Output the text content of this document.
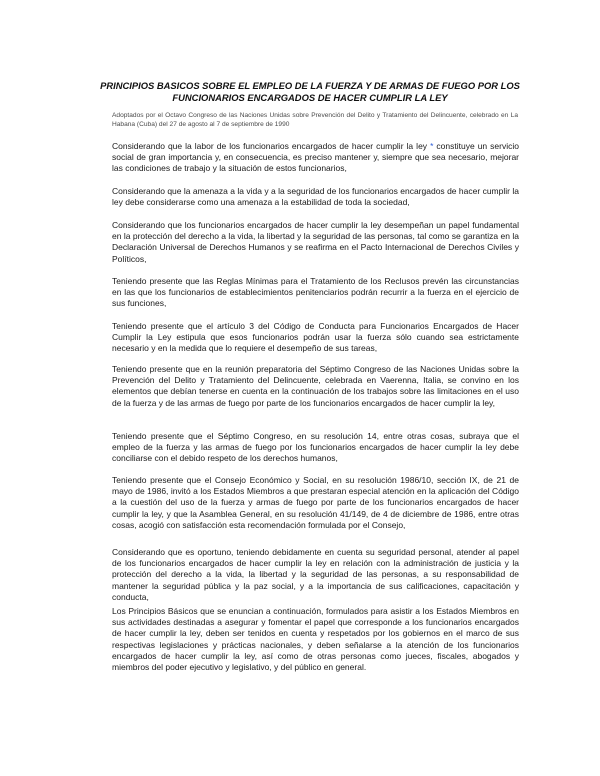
PRINCIPIOS BASICOS SOBRE EL EMPLEO DE LA FUERZA Y DE ARMAS DE FUEGO POR LOS FUNCIONARIOS ENCARGADOS DE HACER CUMPLIR LA LEY

Adoptados por el Octavo Congreso de las Naciones Unidas sobre Prevención del Delito y Tratamiento del Delincuente, celebrado en La Habana (Cuba) del 27 de agosto al 7 de septiembre de 1990

Considerando que la labor de los funcionarios encargados de hacer cumplir la ley * constituye un servicio social de gran importancia y, en consecuencia, es preciso mantener y, siempre que sea necesario, mejorar las condiciones de trabajo y la situación de estos funcionarios,

Considerando que la amenaza a la vida y a la seguridad de los funcionarios encargados de hacer cumplir la ley debe considerarse como una amenaza a la estabilidad de toda la sociedad,

Considerando que los funcionarios encargados de hacer cumplir la ley desempeñan un papel fundamental en la protección del derecho a la vida, la libertad y la seguridad de las personas, tal como se garantiza en la Declaración Universal de Derechos Humanos y se reafirma en el Pacto Internacional de Derechos Civiles y Políticos,

Teniendo presente que las Reglas Mínimas para el Tratamiento de los Reclusos prevén las circunstancias en las que los funcionarios de establecimientos penitenciarios podrán recurrir a la fuerza en el ejercicio de sus funciones,

Teniendo presente que el artículo 3 del Código de Conducta para Funcionarios Encargados de Hacer Cumplir la Ley estipula que esos funcionarios podrán usar la fuerza sólo cuando sea estrictamente necesario y en la medida que lo requiere el desempeño de sus tareas,

Teniendo presente que en la reunión preparatoria del Séptimo Congreso de las Naciones Unidas sobre la Prevención del Delito y Tratamiento del Delincuente, celebrada en Vaerenna, Italia, se convino en los elementos que debían tenerse en cuenta en la continuación de los trabajos sobre las limitaciones en el uso de la fuerza y de las armas de fuego por parte de los funcionarios encargados de hacer cumplir la ley,

Teniendo presente que el Séptimo Congreso, en su resolución 14, entre otras cosas, subraya que el empleo de la fuerza y las armas de fuego por los funcionarios encargados de hacer cumplir la ley debe conciliarse con el debido respeto de los derechos humanos,

Teniendo presente que el Consejo Económico y Social, en su resolución 1986/10, sección IX, de 21 de mayo de 1986, invitó a los Estados Miembros a que prestaran especial atención en la aplicación del Código a la cuestión del uso de la fuerza y armas de fuego por parte de los funcionarios encargados de hacer cumplir la ley, y que la Asamblea General, en su resolución 41/149, de 4 de diciembre de 1986, entre otras cosas, acogió con satisfacción esta recomendación formulada por el Consejo,

Considerando que es oportuno, teniendo debidamente en cuenta su seguridad personal, atender al papel de los funcionarios encargados de hacer cumplir la ley en relación con la administración de justicia y la protección del derecho a la vida, la libertad y la seguridad de las personas, a su responsabilidad de mantener la seguridad pública y la paz social, y a la importancia de sus calificaciones, capacitación y conducta,

Los Principios Básicos que se enuncian a continuación, formulados para asistir a los Estados Miembros en sus actividades destinadas a asegurar y fomentar el papel que corresponde a los funcionarios encargados de hacer cumplir la ley, deben ser tenidos en cuenta y respetados por los gobiernos en el marco de sus respectivas legislaciones y prácticas nacionales, y deben señalarse a la atención de los funcionarios encargados de hacer cumplir la ley, así como de otras personas como jueces, fiscales, abogados y miembros del poder ejecutivo y legislativo, y del público en general.
